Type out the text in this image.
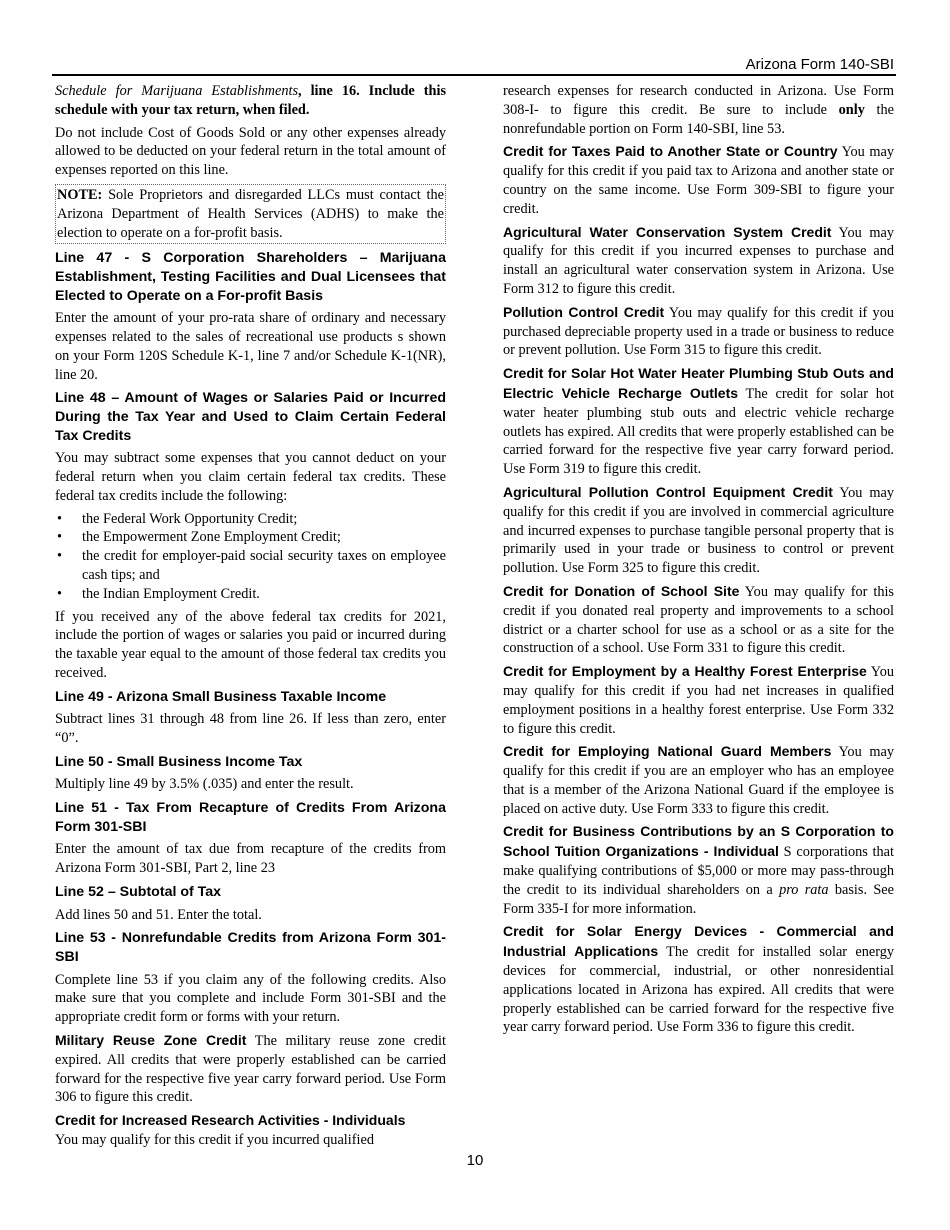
Arizona Form 140-SBI

Schedule for Marijuana Establishments, line 16. Include this schedule with your tax return, when filed.

Do not include Cost of Goods Sold or any other expenses already allowed to be deducted on your federal return in the total amount of expenses reported on this line.

NOTE: Sole Proprietors and disregarded LLCs must contact the Arizona Department of Health Services (ADHS) to make the election to operate on a for-profit basis.
Line 47 - S Corporation Shareholders – Marijuana Establishment, Testing Facilities and Dual Licensees that Elected to Operate on a For-profit Basis

Enter the amount of your pro-rata share of ordinary and necessary expenses related to the sales of recreational use products s shown on your Form 120S Schedule K-1, line 7 and/or Schedule K-1(NR), line 20.

Line 48 – Amount of Wages or Salaries Paid or Incurred During the Tax Year and Used to Claim Certain Federal Tax Credits

You may subtract some expenses that you cannot deduct on your federal return when you claim certain federal tax credits. These federal tax credits include the following:

• the Federal Work Opportunity Credit;
• the Empowerment Zone Employment Credit;
• the credit for employer-paid social security taxes on employee cash tips; and
• the Indian Employment Credit.

If you received any of the above federal tax credits for 2021, include the portion of wages or salaries you paid or incurred during the taxable year equal to the amount of those federal tax credits you received.

Line 49 - Arizona Small Business Taxable Income

Subtract lines 31 through 48 from line 26. If less than zero, enter “0”.

Line 50 - Small Business Income Tax

Multiply line 49 by 3.5% (.035) and enter the result.

Line 51 - Tax From Recapture of Credits From Arizona Form 301-SBI

Enter the amount of tax due from recapture of the credits from Arizona Form 301-SBI, Part 2, line 23

Line 52 – Subtotal of Tax

Add lines 50 and 51. Enter the total.

Line 53 - Nonrefundable Credits from Arizona Form 301-SBI

Complete line 53 if you claim any of the following credits. Also make sure that you complete and include Form 301-SBI and the appropriate credit form or forms with your return.

Military Reuse Zone Credit The military reuse zone credit expired. All credits that were properly established can be carried forward for the respective five year carry forward period. Use Form 306 to figure this credit.

Credit for Increased Research Activities - Individuals
You may qualify for this credit if you incurred qualified

research expenses for research conducted in Arizona. Use Form 308-I- to figure this credit. Be sure to include only the nonrefundable portion on Form 140-SBI, line 53.

Credit for Taxes Paid to Another State or Country You may qualify for this credit if you paid tax to Arizona and another state or country on the same income. Use Form 309-SBI to figure your credit.

Agricultural Water Conservation System Credit You may qualify for this credit if you incurred expenses to purchase and install an agricultural water conservation system in Arizona. Use Form 312 to figure this credit.

Pollution Control Credit You may qualify for this credit if you purchased depreciable property used in a trade or business to reduce or prevent pollution. Use Form 315 to figure this credit.

Credit for Solar Hot Water Heater Plumbing Stub Outs and Electric Vehicle Recharge Outlets The credit for solar hot water heater plumbing stub outs and electric vehicle recharge outlets has expired. All credits that were properly established can be carried forward for the respective five year carry forward period. Use Form 319 to figure this credit.

Agricultural Pollution Control Equipment Credit You may qualify for this credit if you are involved in commercial agriculture and incurred expenses to purchase tangible personal property that is primarily used in your trade or business to control or prevent pollution. Use Form 325 to figure this credit.

Credit for Donation of School Site You may qualify for this credit if you donated real property and improvements to a school district or a charter school for use as a school or as a site for the construction of a school. Use Form 331 to figure this credit.

Credit for Employment by a Healthy Forest Enterprise You may qualify for this credit if you had net increases in qualified employment positions in a healthy forest enterprise. Use Form 332 to figure this credit.

Credit for Employing National Guard Members You may qualify for this credit if you are an employer who has an employee that is a member of the Arizona National Guard if the employee is placed on active duty. Use Form 333 to figure this credit.

Credit for Business Contributions by an S Corporation to School Tuition Organizations - Individual S corporations that make qualifying contributions of $5,000 or more may pass-through the credit to its individual shareholders on a pro rata basis. See Form 335-I for more information.

Credit for Solar Energy Devices - Commercial and Industrial Applications The credit for installed solar energy devices for commercial, industrial, or other nonresidential applications located in Arizona has expired. All credits that were properly established can be carried forward for the respective five year carry forward period. Use Form 336 to figure this credit.

10
